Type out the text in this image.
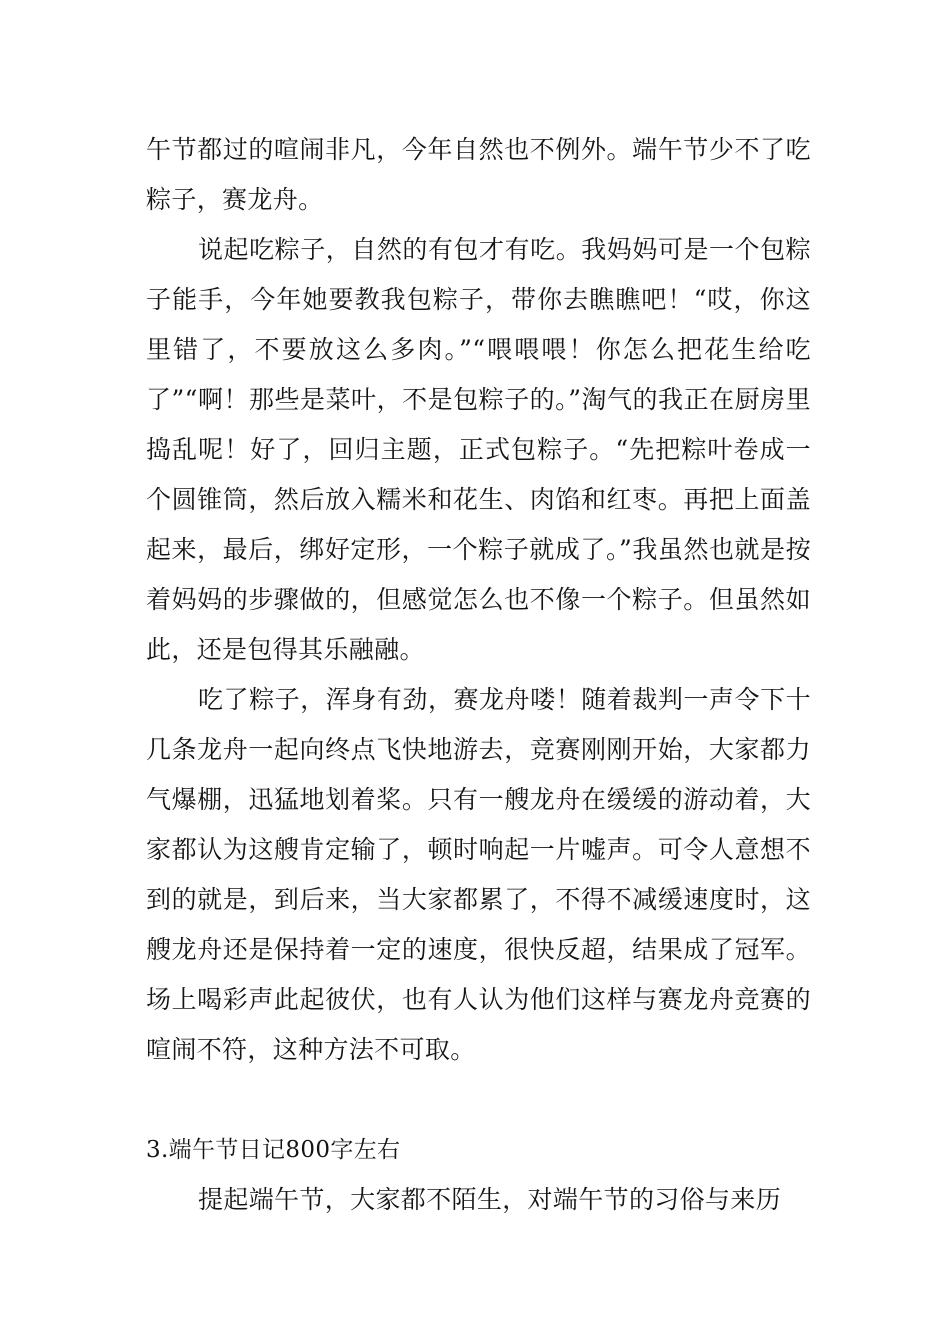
午节都过的喧闹非凡，今年自然也不例外。端午节少不了吃粽子，赛龙舟。

说起吃粽子，自然的有包才有吃。我妈妈可是一个包粽子能手，今年她要教我包粽子，带你去瞧瞧吧！“哎，你这里错了，不要放这么多肉。”“喂喂喂！你怎么把花生给吃了”“啊！那些是菜叶，不是包粽子的。”淘气的我正在厨房里捣乱呢！好了，回归主题，正式包粽子。“先把粽叶卷成一个圆锥筒，然后放入糯米和花生、肉馅和红枣。再把上面盖起来，最后，绑好定形，一个粽子就成了。”我虽然也就是按着妈妈的步骤做的，但感觉怎么也不像一个粽子。但虽然如此，还是包得其乐融融。

吃了粽子，浑身有劲，赛龙舟喽！随着裁判一声令下十几条龙舟一起向终点飞快地游去，竞赛刚刚开始，大家都力气爆棚，迅猛地划着桨。只有一艘龙舟在缓缓的游动着，大家都认为这艘肯定输了，顿时响起一片嘘声。可令人意想不到的就是，到后来，当大家都累了，不得不减缓速度时，这艘龙舟还是保持着一定的速度，很快反超，结果成了冠军。场上喝彩声此起彼伏，也有人认为他们这样与赛龙舟竞赛的喧闹不符，这种方法不可取。

3.端午节日记800字左右

提起端午节，大家都不陌生，对端午节的习俗与来历
